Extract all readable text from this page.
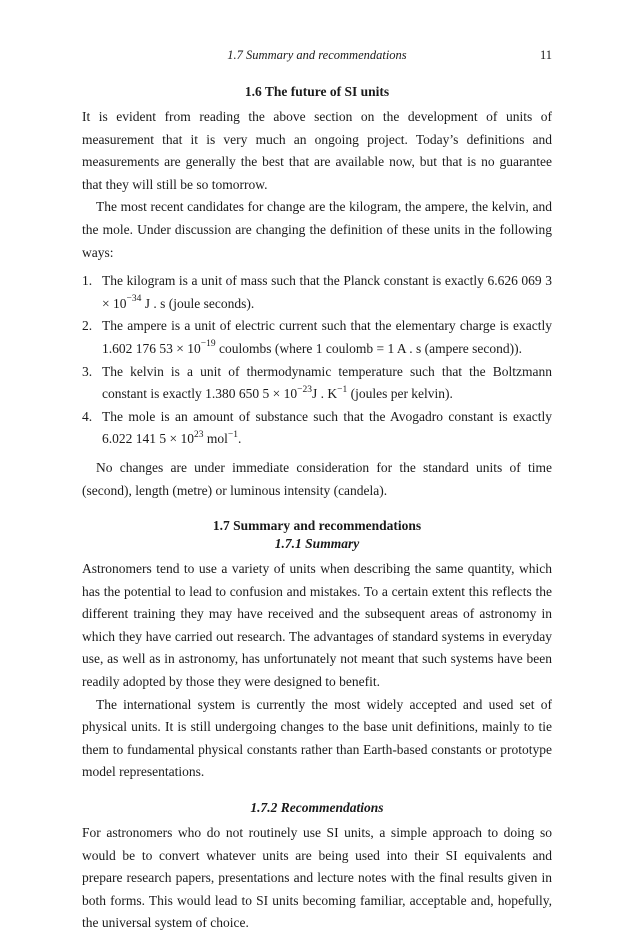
1.7 Summary and recommendations	11
1.6 The future of SI units

It is evident from reading the above section on the development of units of measurement that it is very much an ongoing project. Today’s definitions and measurements are generally the best that are available now, but that is no guarantee that they will still be so tomorrow.

The most recent candidates for change are the kilogram, the ampere, the kelvin, and the mole. Under discussion are changing the definition of these units in the following ways:

1. The kilogram is a unit of mass such that the Planck constant is exactly 6.626 069 $3 \times 10^{-34}$ J . s (joule seconds).
2. The ampere is a unit of electric current such that the elementary charge is exactly 1.602 176 $53 \times 10^{-19}$ coulombs (where 1 coulomb = 1 A . s (ampere second)).
3. The kelvin is a unit of thermodynamic temperature such that the Boltzmann constant is exactly 1.380 650 $5 \times 10^{-23}J$ . $K^{-1}$ (joules per kelvin).
4. The mole is an amount of substance such that the Avogadro constant is exactly 6.022 141 $5 \times 10^{23}$ mol$^{-1}$.

No changes are under immediate consideration for the standard units of time (second), length (metre) or luminous intensity (candela).

1.7 Summary and recommendations
1.7.1 Summary

Astronomers tend to use a variety of units when describing the same quantity, which has the potential to lead to confusion and mistakes. To a certain extent this reflects the different training they may have received and the subsequent areas of astronomy in which they have carried out research. The advantages of standard systems in everyday use, as well as in astronomy, has unfortunately not meant that such systems have been readily adopted by those they were designed to benefit.

The international system is currently the most widely accepted and used set of physical units. It is still undergoing changes to the base unit definitions, mainly to tie them to fundamental physical constants rather than Earth-based constants or prototype model representations.

1.7.2 Recommendations

For astronomers who do not routinely use SI units, a simple approach to doing so would be to convert whatever units are being used into their SI equivalents and prepare research papers, presentations and lecture notes with the final results given in both forms. This would lead to SI units becoming familiar, acceptable and, hopefully, the universal system of choice.
